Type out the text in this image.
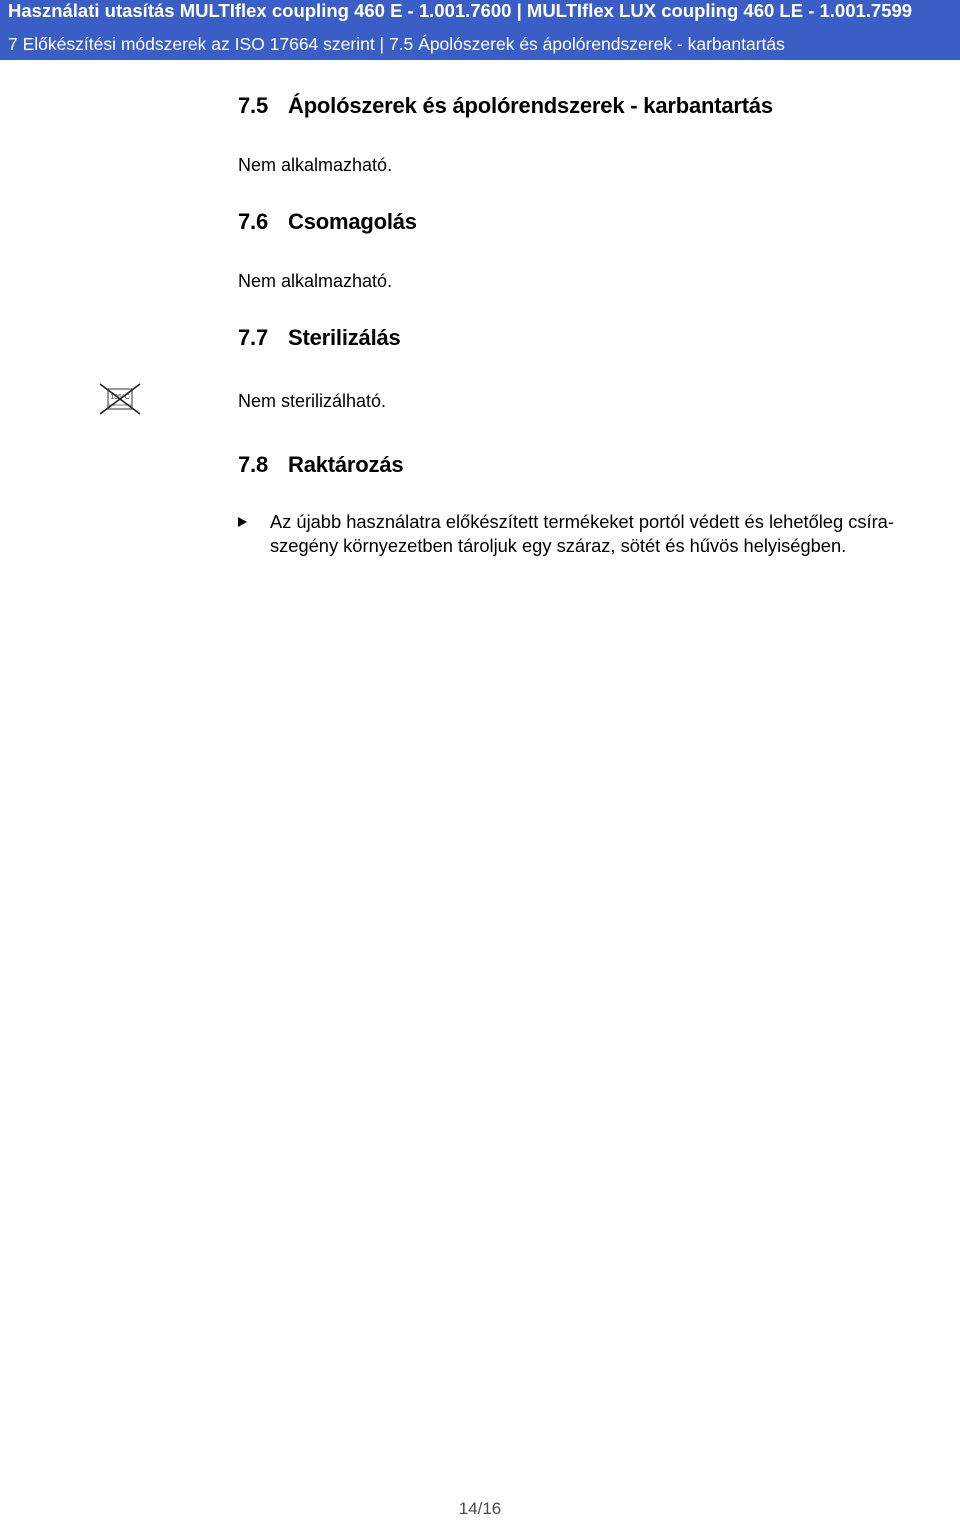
Használati utasítás MULTIflex coupling 460 E - 1.001.7600 | MULTIflex LUX coupling 460 LE - 1.001.7599
7 Előkészítési módszerek az ISO 17664 szerint | 7.5 Ápolószerek és ápolórendszerek - karbantartás
7.5 Ápolószerek és ápolórendszerek - karbantartás
Nem alkalmazható.
7.6 Csomagolás
Nem alkalmazható.
7.7 Sterilizálás
135°C	Nem sterilizálható.
7.8 Raktározás
Az újabb használatra előkészített termékeket portól védett és lehetőleg csíra-szegény környezetben tároljuk egy száraz, sötét és hűvös helyiségben.
14/16
